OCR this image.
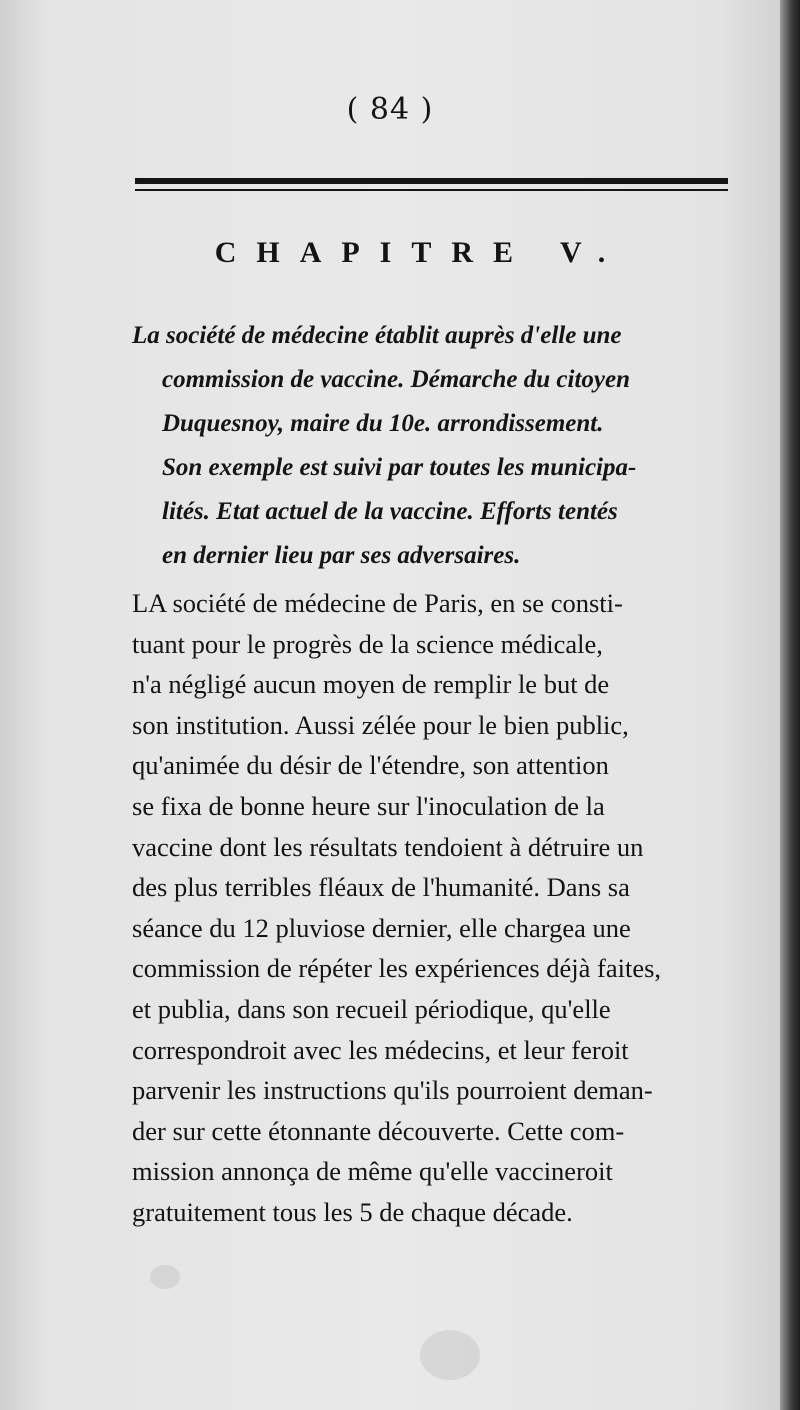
( 84 )
CHAPITRE V.
La société de médecine établit auprès d'elle une
commission de vaccine. Démarche du citoyen
Duquesnoy, maire du 10e. arrondissement.
Son exemple est suivi par toutes les municipa-
lités. Etat actuel de la vaccine. Efforts tentés
en dernier lieu par ses adversaires.
LA société de médecine de Paris, en se consti-
tuant pour le progrès de la science médicale,
n'a négligé aucun moyen de remplir le but de
son institution. Aussi zélée pour le bien public,
qu'animée du désir de l'étendre, son attention
se fixa de bonne heure sur l'inoculation de la
vaccine dont les résultats tendoient à détruire un
des plus terribles fléaux de l'humanité. Dans sa
séance du 12 pluviose dernier, elle chargea une
commission de répéter les expériences déjà faites,
et publia, dans son recueil périodique, qu'elle
correspondroit avec les médecins, et leur feroit
parvenir les instructions qu'ils pourroient deman-
der sur cette étonnante découverte. Cette com-
mission annonça de même qu'elle vaccineroit
gratuitement tous les 5 de chaque décade.
